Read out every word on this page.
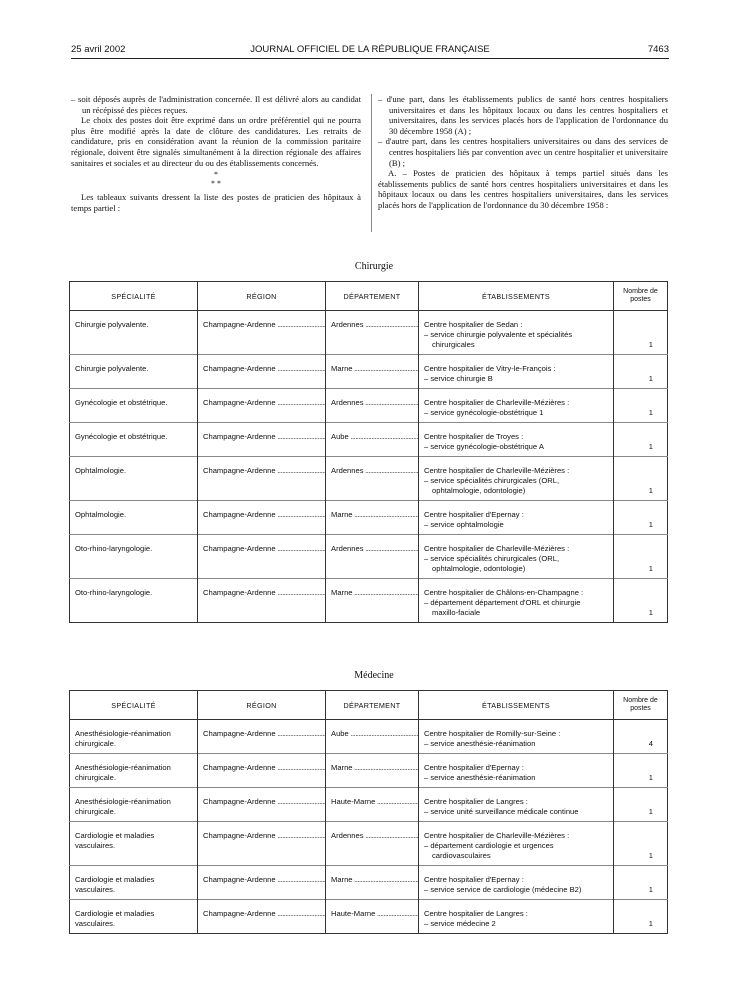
25 avril 2002	JOURNAL OFFICIEL DE LA RÉPUBLIQUE FRANÇAISE	7463

– soit déposés auprès de l'administration concernée. Il est délivré alors au candidat un récépissé des pièces reçues.

Le choix des postes doit être exprimé dans un ordre préférentiel qui ne pourra plus être modifié après la date de clôture des candidatures. Les retraits de candidature, pris en considération avant la réunion de la commission paritaire régionale, doivent être signalés simultanément à la direction régionale des affaires sanitaires et sociales et au directeur du ou des établissements concernés.

*
* *

Les tableaux suivants dressent la liste des postes de praticien des hôpitaux à temps partiel :

– d'une part, dans les établissements publics de santé hors centres hospitaliers universitaires et dans les hôpitaux locaux ou dans les centres hospitaliers et universitaires, dans les services placés hors de l'application de l'ordonnance du 30 décembre 1958 (A) ;

– d'autre part, dans les centres hospitaliers universitaires ou dans des services de centres hospitaliers liés par convention avec un centre hospitalier et universitaire (B) ;

A. – Postes de praticien des hôpitaux à temps partiel situés dans les établissements publics de santé hors centres hospitaliers universitaires et dans les hôpitaux locaux ou dans les centres hospitaliers universitaires, dans les services placés hors de l'application de l'ordonnance du 30 décembre 1958 :

Chirurgie
SPÉCIALITÉ	RÉGION	DÉPARTEMENT	ÉTABLISSEMENTS	Nombre de postes
Chirurgie polyvalente.	Champagne-Ardenne .....	Ardennes .....	Centre hospitalier de Sedan :
– service chirurgie polyvalente et spécialités chirurgicales	1
Chirurgie polyvalente.	Champagne-Ardenne .....	Marne .....	Centre hospitalier de Vitry-le-François :
– service chirurgie B	1
Gynécologie et obstétrique.	Champagne-Ardenne .....	Ardennes .....	Centre hospitalier de Charleville-Mézières :
– service gynécologie-obstétrique 1	1
Gynécologie et obstétrique.	Champagne-Ardenne .....	Aube .....	Centre hospitalier de Troyes :
– service gynécologie-obstétrique A	1
Ophtalmologie.	Champagne-Ardenne .....	Ardennes .....	Centre hospitalier de Charleville-Mézières :
– service spécialités chirurgicales (ORL, ophtalmologie, odontologie)	1
Ophtalmologie.	Champagne-Ardenne .....	Marne .....	Centre hospitalier d'Epernay :
– service ophtalmologie	1
Oto-rhino-laryngologie.	Champagne-Ardenne .....	Ardennes .....	Centre hospitalier de Charleville-Mézières :
– service spécialités chirurgicales (ORL, ophtalmologie, odontologie)	1
Oto-rhino-laryngologie.	Champagne-Ardenne .....	Marne .....	Centre hospitalier de Châlons-en-Champagne :
– département département d'ORL et chirurgie maxillo-faciale	1
Médecine
SPÉCIALITÉ	RÉGION	DÉPARTEMENT	ÉTABLISSEMENTS	Nombre de postes
Anesthésiologie-réanimation chirurgicale.	Champagne-Ardenne .....	Aube .....	Centre hospitalier de Romilly-sur-Seine :
– service anesthésie-réanimation	4
Anesthésiologie-réanimation chirurgicale.	Champagne-Ardenne .....	Marne .....	Centre hospitalier d'Epernay :
– service anesthésie-réanimation	1
Anesthésiologie-réanimation chirurgicale.	Champagne-Ardenne .....	Haute-Marne .....	Centre hospitalier de Langres :
– service unité surveillance médicale continue	1
Cardiologie et maladies vasculaires.	Champagne-Ardenne .....	Ardennes .....	Centre hospitalier de Charleville-Mézières :
– département cardiologie et urgences cardiovasculaires	1
Cardiologie et maladies vasculaires.	Champagne-Ardenne .....	Marne .....	Centre hospitalier d'Epernay :
– service service de cardiologie (médecine B2)	1
Cardiologie et maladies vasculaires.	Champagne-Ardenne .....	Haute-Marne .....	Centre hospitalier de Langres :
– service médecine 2	1
